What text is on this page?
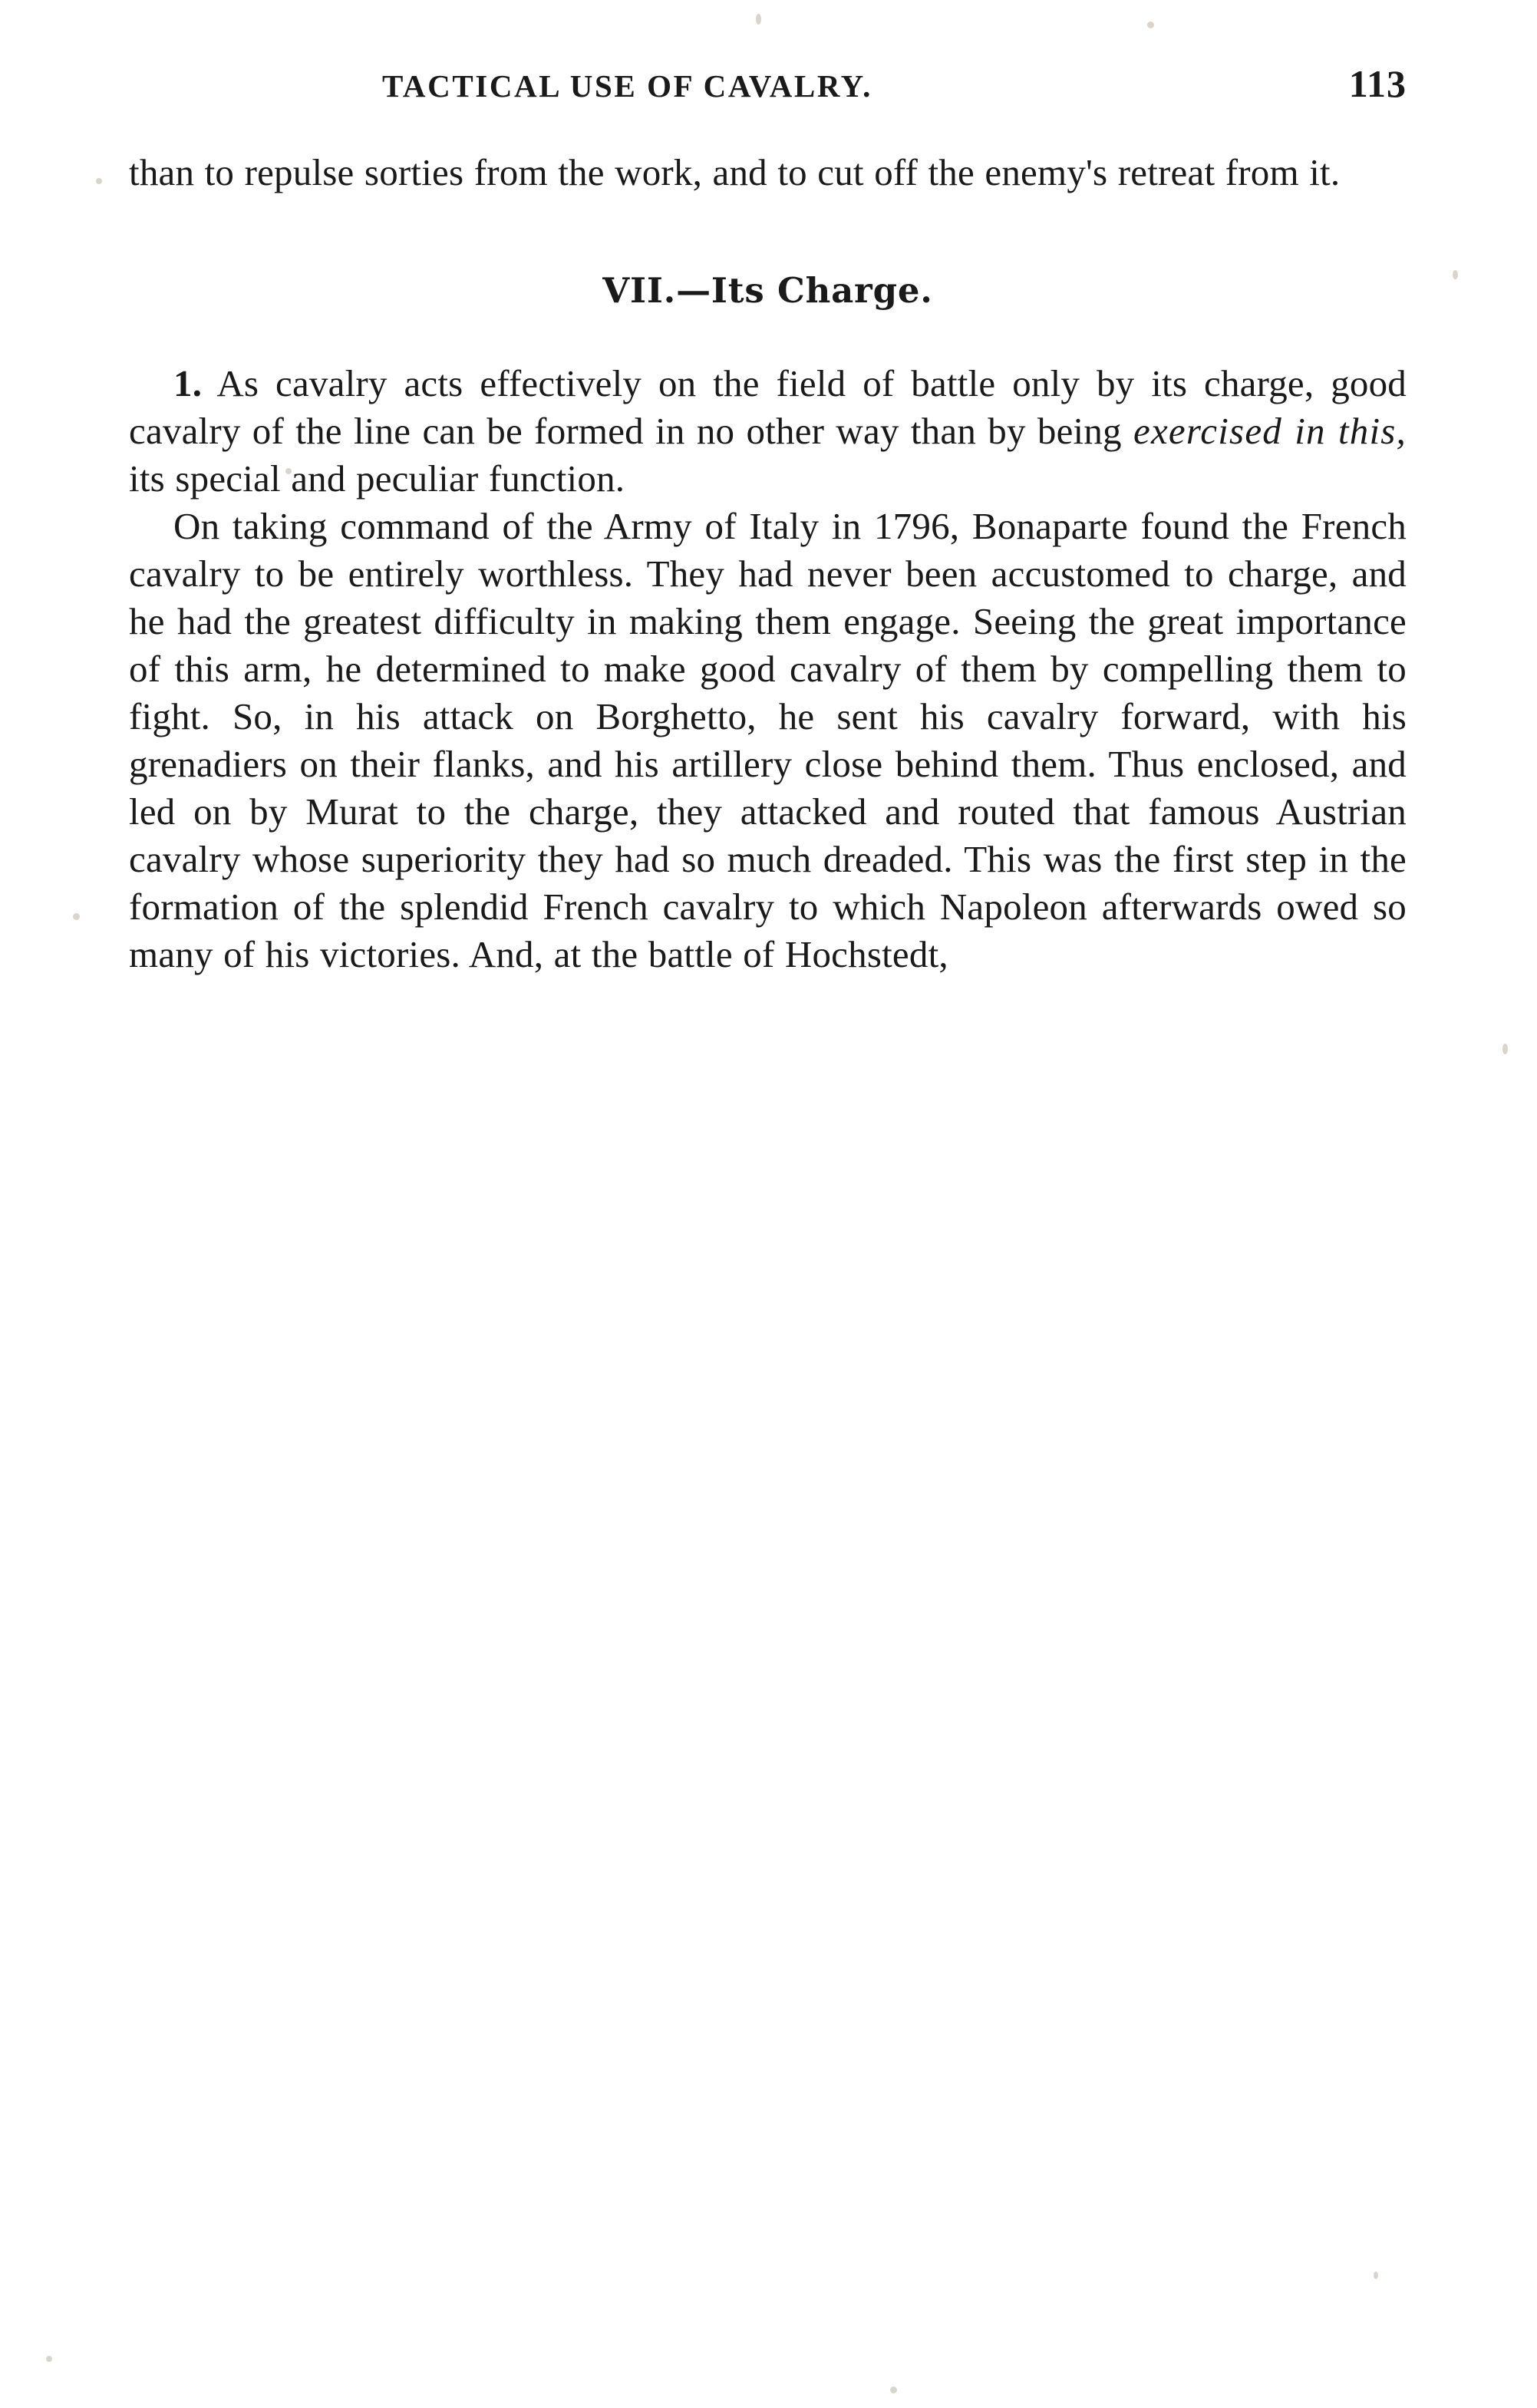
TACTICAL USE OF CAVALRY.	113

than to repulse sorties from the work, and to cut off the enemy's retreat from it.

VII.—Its Charge.

1. As cavalry acts effectively on the field of battle only by its charge, good cavalry of the line can be formed in no other way than by being exercised in this, its special and peculiar function.

On taking command of the Army of Italy in 1796, Bonaparte found the French cavalry to be entirely worthless. They had never been accustomed to charge, and he had the greatest difficulty in making them engage. Seeing the great importance of this arm, he determined to make good cavalry of them by compelling them to fight. So, in his attack on Borghetto, he sent his cavalry forward, with his grenadiers on their flanks, and his artillery close behind them. Thus enclosed, and led on by Murat to the charge, they attacked and routed that famous Austrian cavalry whose superiority they had so much dreaded. This was the first step in the formation of the splendid French cavalry to which Napoleon afterwards owed so many of his victories. And, at the battle of Hochstedt,
